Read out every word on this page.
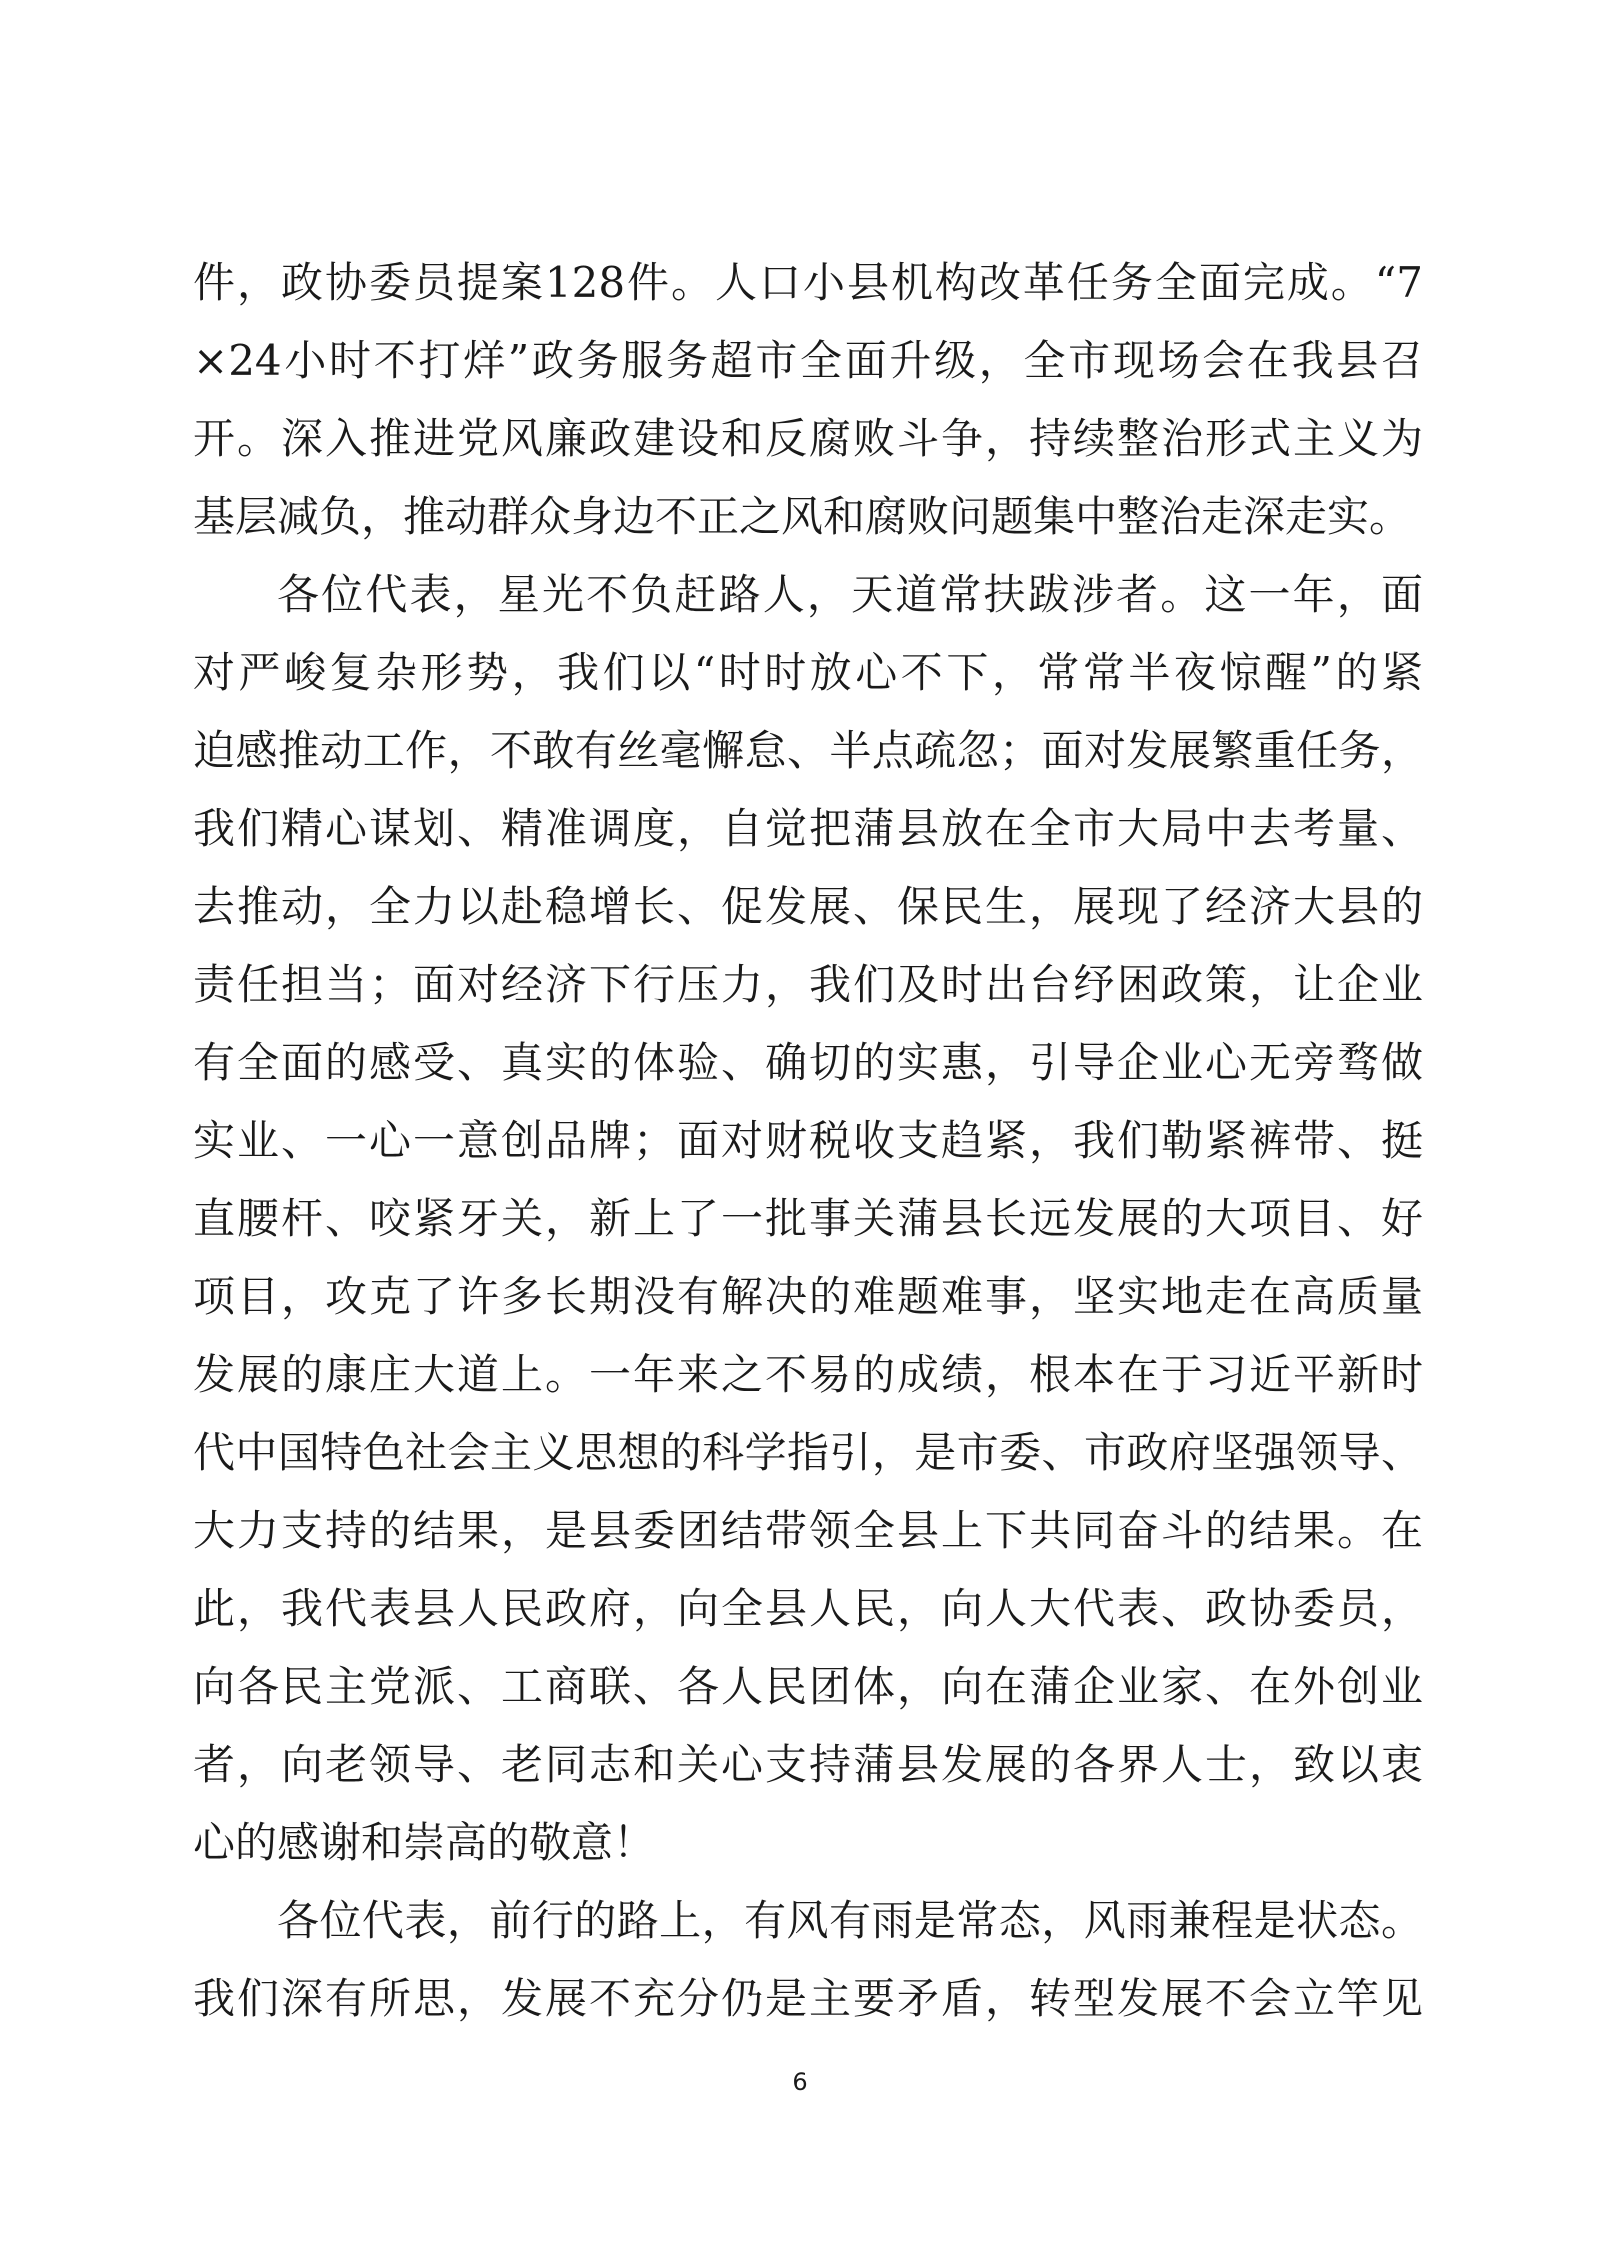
件，政协委员提案128件。人口小县机构改革任务全面完成。“7
×24小时不打烊”政务服务超市全面升级，全市现场会在我县召
开。深入推进党风廉政建设和反腐败斗争，持续整治形式主义为
基层减负，推动群众身边不正之风和腐败问题集中整治走深走实。
各位代表，星光不负赶路人，天道常扶跋涉者。这一年，面
对严峻复杂形势，我们以“时时放心不下，常常半夜惊醒”的紧
迫感推动工作，不敢有丝毫懈怠、半点疏忽；面对发展繁重任务，
我们精心谋划、精准调度，自觉把蒲县放在全市大局中去考量、
去推动，全力以赴稳增长、促发展、保民生，展现了经济大县的
责任担当；面对经济下行压力，我们及时出台纾困政策，让企业
有全面的感受、真实的体验、确切的实惠，引导企业心无旁骛做
实业、一心一意创品牌；面对财税收支趋紧，我们勒紧裤带、挺
直腰杆、咬紧牙关，新上了一批事关蒲县长远发展的大项目、好
项目，攻克了许多长期没有解决的难题难事，坚实地走在高质量
发展的康庄大道上。一年来之不易的成绩，根本在于习近平新时
代中国特色社会主义思想的科学指引，是市委、市政府坚强领导、
大力支持的结果，是县委团结带领全县上下共同奋斗的结果。在
此，我代表县人民政府，向全县人民，向人大代表、政协委员，
向各民主党派、工商联、各人民团体，向在蒲企业家、在外创业
者，向老领导、老同志和关心支持蒲县发展的各界人士，致以衷
心的感谢和崇高的敬意！
各位代表，前行的路上，有风有雨是常态，风雨兼程是状态。
我们深有所思，发展不充分仍是主要矛盾，转型发展不会立竿见
6
